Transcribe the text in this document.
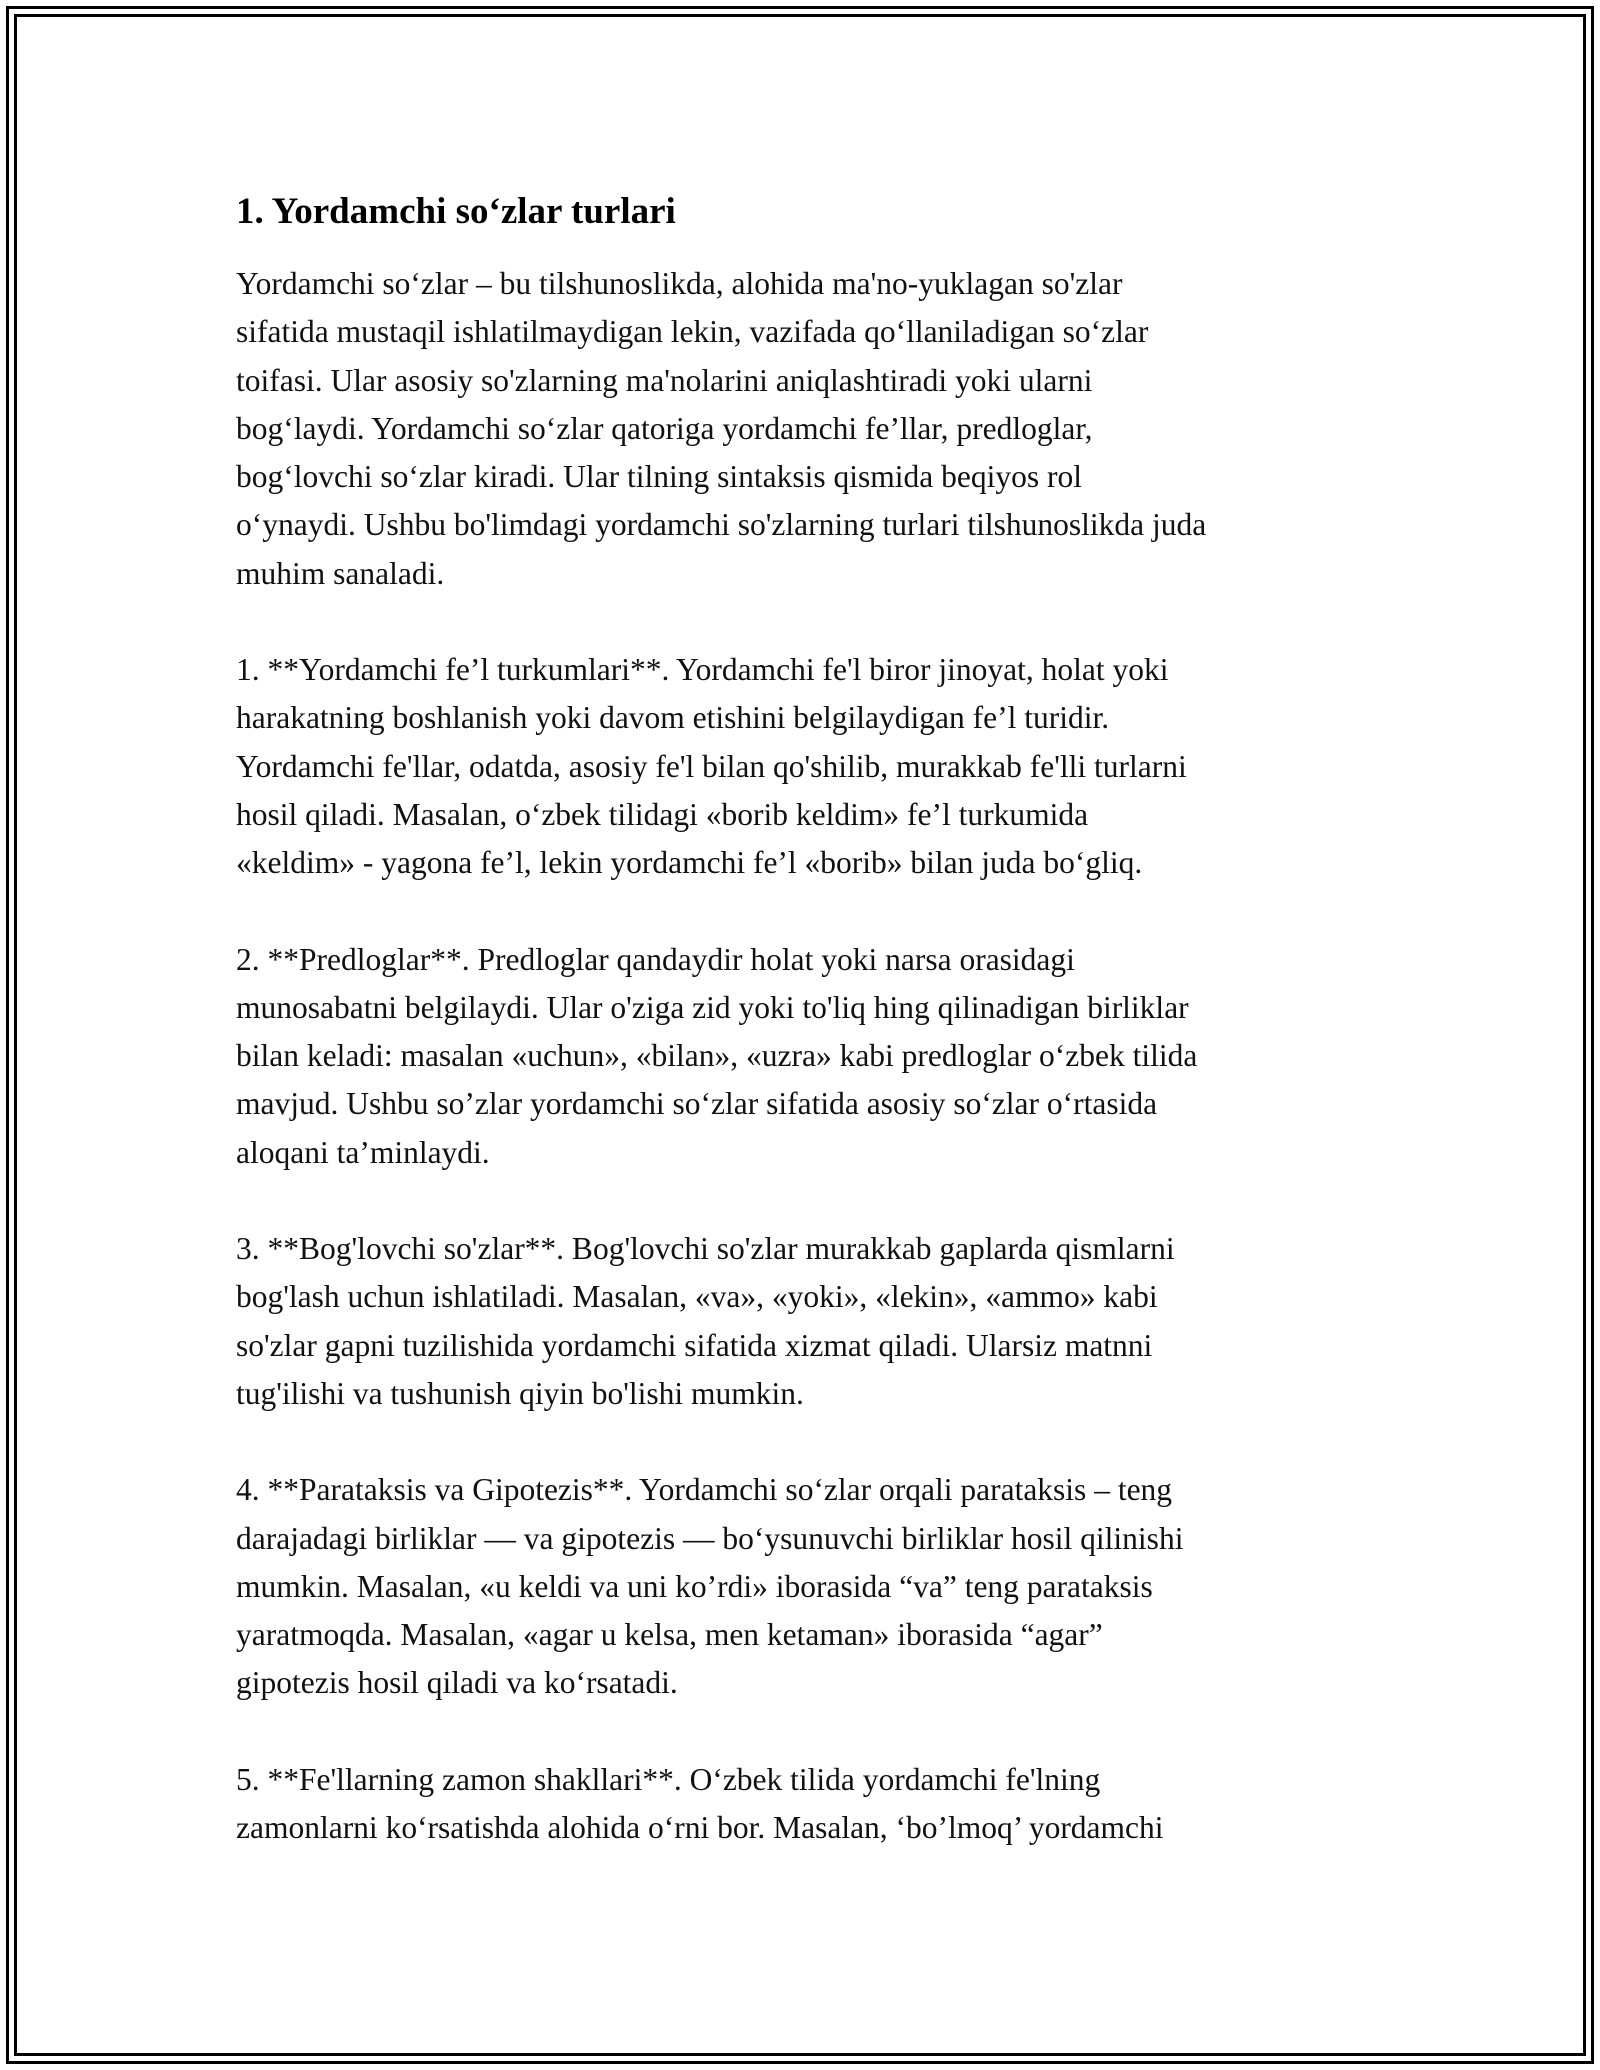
1. Yordamchi so‘zlar turlari

Yordamchi so‘zlar – bu tilshunoslikda, alohida ma'no-yuklagan so'zlar
sifatida mustaqil ishlatilmaydigan lekin, vazifada qo‘llaniladigan so‘zlar
toifasi. Ular asosiy so'zlarning ma'nolarini aniqlashtiradi yoki ularni
bog‘laydi. Yordamchi so‘zlar qatoriga yordamchi fe’llar, predloglar,
bog‘lovchi so‘zlar kiradi. Ular tilning sintaksis qismida beqiyos rol
o‘ynaydi. Ushbu bo'limdagi yordamchi so'zlarning turlari tilshunoslikda juda
muhim sanaladi.

1. **Yordamchi fe’l turkumlari**. Yordamchi fe'l biror jinoyat, holat yoki
harakatning boshlanish yoki davom etishini belgilaydigan fe’l turidir.
Yordamchi fe'llar, odatda, asosiy fe'l bilan qo'shilib, murakkab fe'lli turlarni
hosil qiladi. Masalan, o‘zbek tilidagi «borib keldim» fe’l turkumida
«keldim» - yagona fe’l, lekin yordamchi fe’l «borib» bilan juda bo‘gliq.

2. **Predloglar**. Predloglar qandaydir holat yoki narsa orasidagi
munosabatni belgilaydi. Ular o'ziga zid yoki to'liq hing qilinadigan birliklar
bilan keladi: masalan «uchun», «bilan», «uzra» kabi predloglar o‘zbek tilida
mavjud. Ushbu so’zlar yordamchi so‘zlar sifatida asosiy so‘zlar o‘rtasida
aloqani ta’minlaydi.

3. **Bog'lovchi so'zlar**. Bog'lovchi so'zlar murakkab gaplarda qismlarni
bog'lash uchun ishlatiladi. Masalan, «va», «yoki», «lekin», «ammo» kabi
so'zlar gapni tuzilishida yordamchi sifatida xizmat qiladi. Ularsiz matnni
tug'ilishi va tushunish qiyin bo'lishi mumkin.

4. **Parataksis va Gipotezis**. Yordamchi so‘zlar orqali parataksis – teng
darajadagi birliklar — va gipotezis — bo‘ysunuvchi birliklar hosil qilinishi
mumkin. Masalan, «u keldi va uni ko’rdi» iborasida “va” teng parataksis
yaratmoqda. Masalan, «agar u kelsa, men ketaman» iborasida “agar”
gipotezis hosil qiladi va ko‘rsatadi.

5. **Fe'llarning zamon shakllari**. O‘zbek tilida yordamchi fe'lning
zamonlarni ko‘rsatishda alohida o‘rni bor. Masalan, ‘bo’lmoq’ yordamchi
